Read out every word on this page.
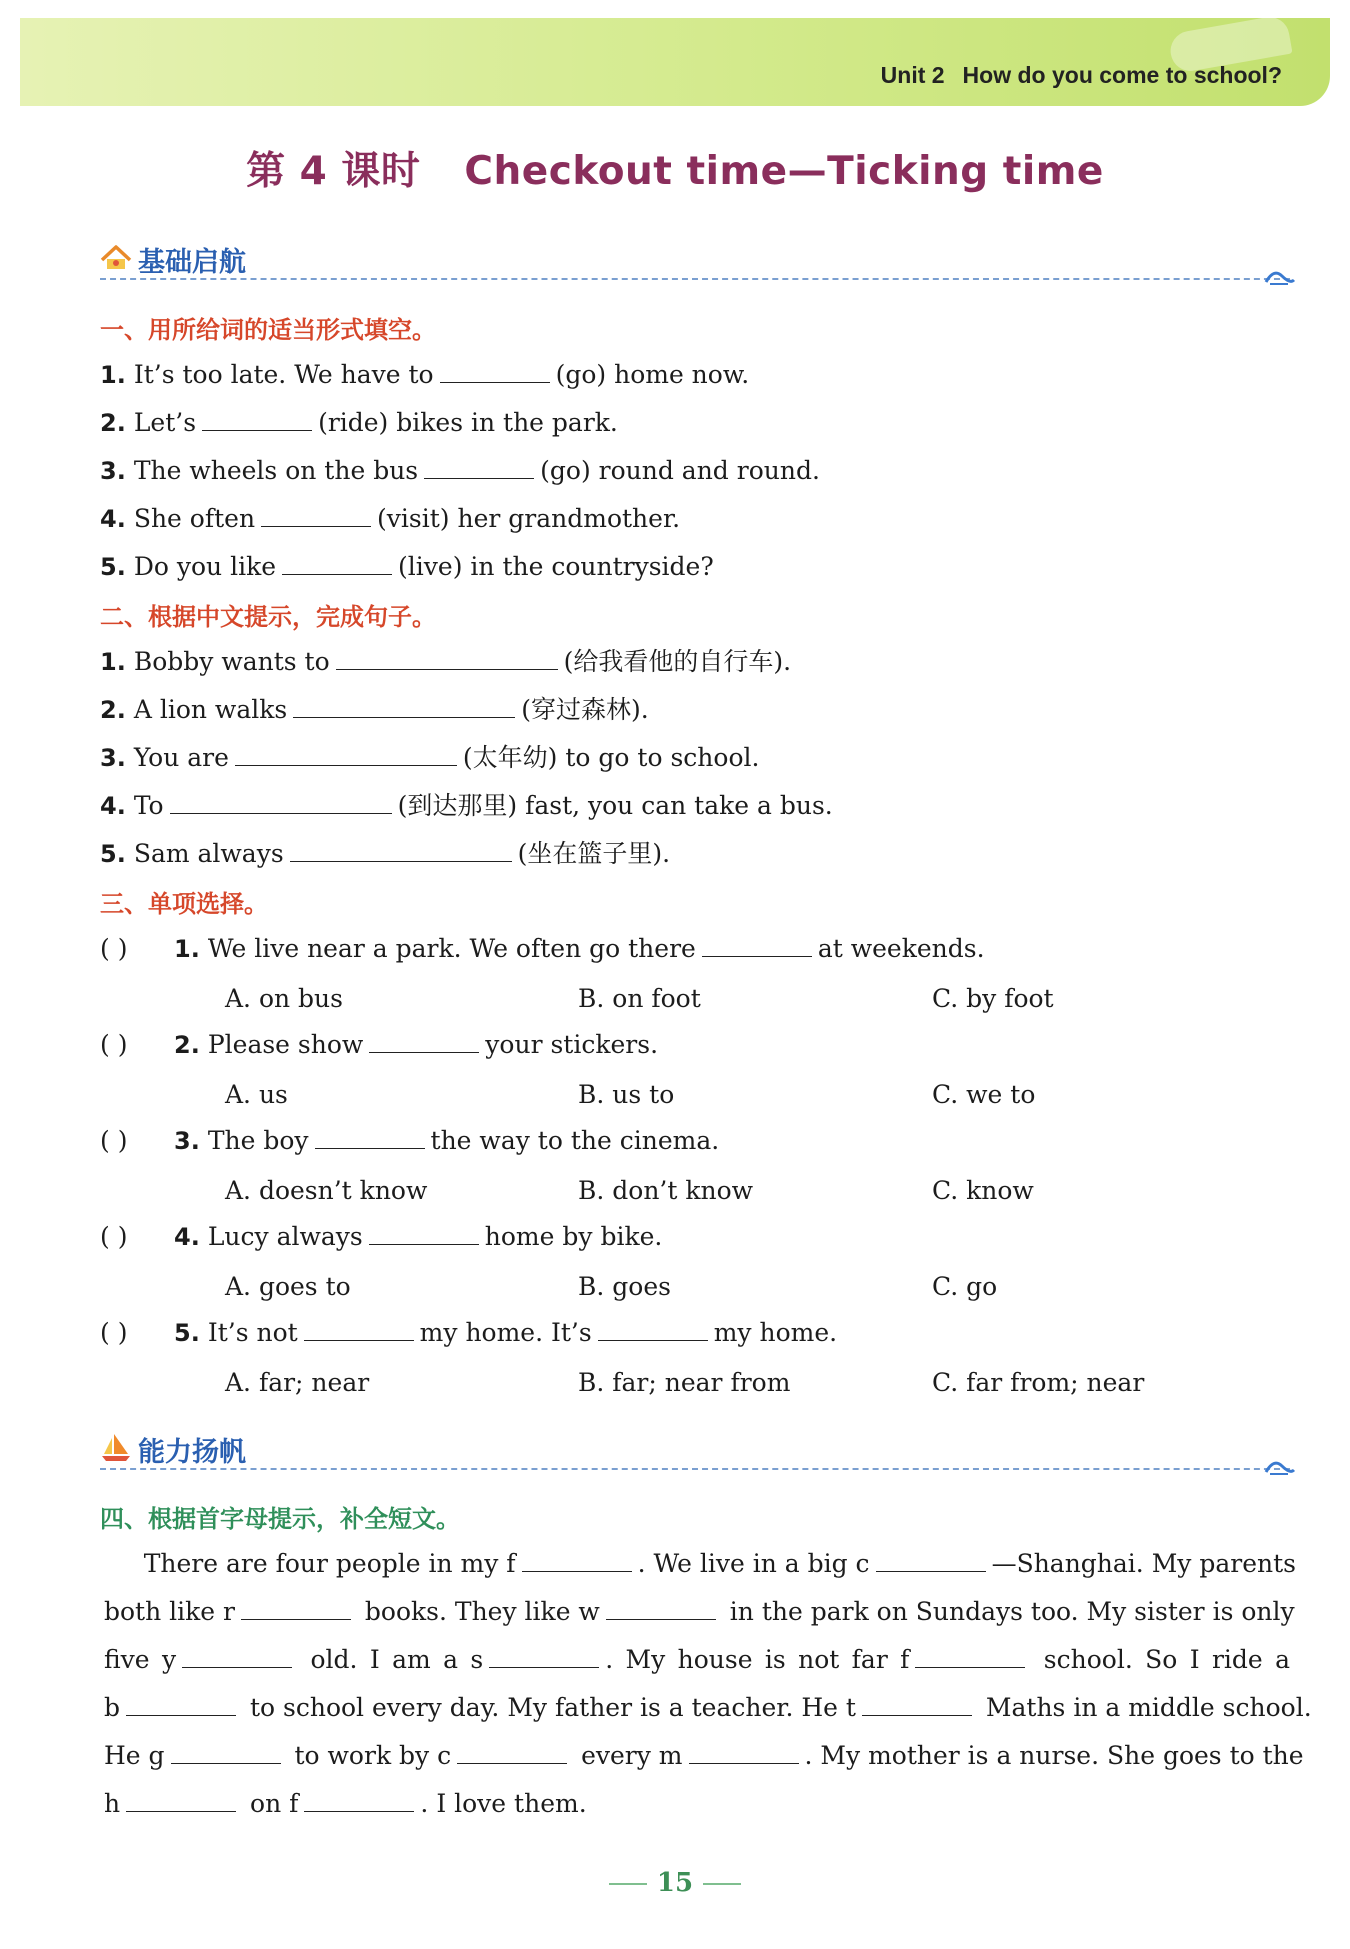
Unit 2 How do you come to school?
第 4 课时 Checkout time—Ticking time
基础启航
一、用所给词的适当形式填空。
1. It’s too late. We have to	(go) home now.
2. Let’s	(ride) bikes in the park.
3. The wheels on the bus	(go) round and round.
4. She often	(visit) her grandmother.
5. Do you like	(live) in the countryside?
二、根据中文提示，完成句子。
1. Bobby wants to	(给我看他的自行车).
2. A lion walks	(穿过森林).
3. You are	(太年幼) to go to school.
4. To	(到达那里) fast, you can take a bus.
5. Sam always	(坐在篮子里).
三、单项选择。
( ) 1. We live near a park. We often go there	at weekends.
A. on bus	B. on foot	C. by foot
( ) 2. Please show	your stickers.
A. us	B. us to	C. we to
( ) 3. The boy	the way to the cinema.
A. doesn’t know	B. don’t know	C. know
( ) 4. Lucy always	home by bike.
A. goes to	B. goes	C. go
( ) 5. It’s not	my home. It’s	my home.
A. far; near	B. far; near from	C. far from; near
能力扬帆
四、根据首字母提示，补全短文。
There are four people in my f	. We live in a big c	—Shanghai. My parents
both like r	books. They like w	in the park on Sundays too. My sister is only
five y	old. I am a s	. My house is not far f	school. So I ride a
b	to school every day. My father is a teacher. He t	Maths in a middle school.
He g	to work by c	every m	. My mother is a nurse. She goes to the
h	on f	. I love them.
15
